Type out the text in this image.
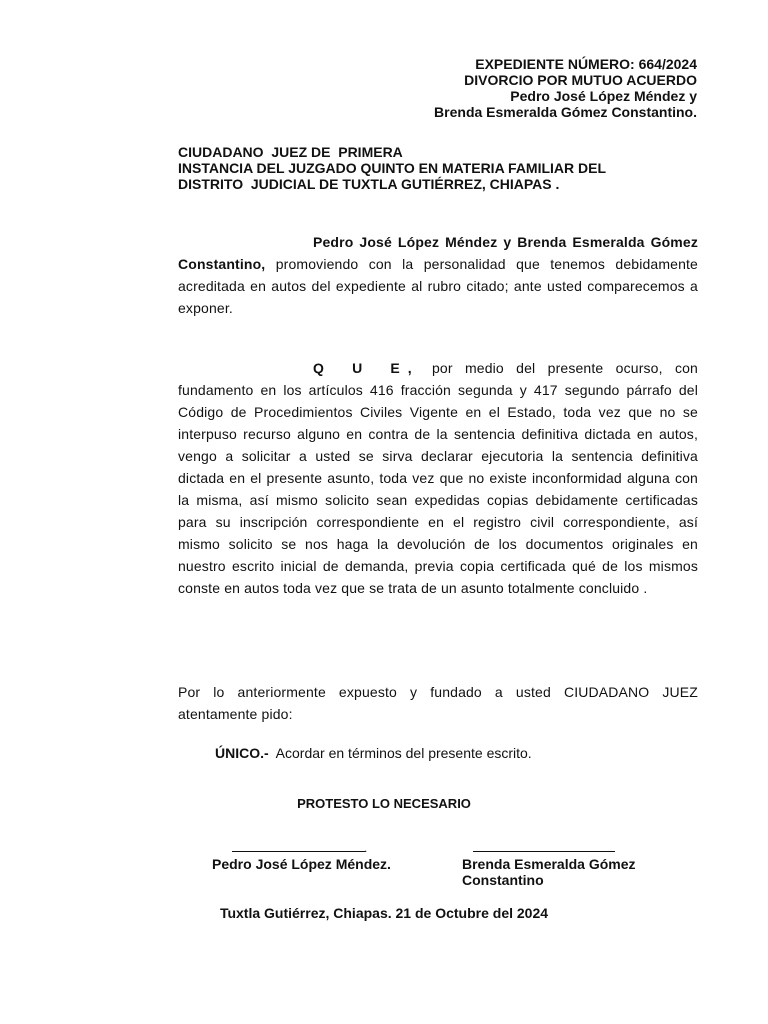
EXPEDIENTE NÚMERO: 664/2024
DIVORCIO POR MUTUO ACUERDO
Pedro José López Méndez y
Brenda Esmeralda Gómez Constantino.
CIUDADANO  JUEZ DE  PRIMERA
INSTANCIA DEL JUZGADO QUINTO EN MATERIA FAMILIAR DEL
DISTRITO  JUDICIAL DE TUXTLA GUTIÉRREZ, CHIAPAS .
Pedro José López Méndez y Brenda Esmeralda Gómez Constantino, promoviendo con la personalidad que tenemos debidamente acreditada en autos del expediente al rubro citado; ante usted comparecemos a exponer.
Q U E, por medio del presente ocurso, con fundamento en los artículos 416 fracción segunda y 417 segundo párrafo del Código de Procedimientos Civiles Vigente en el Estado, toda vez que no se interpuso recurso alguno en contra de la sentencia definitiva dictada en autos, vengo a solicitar a usted se sirva declarar ejecutoria la sentencia definitiva dictada en el presente asunto, toda vez que no existe inconformidad alguna con la misma, así mismo solicito sean expedidas copias debidamente certificadas para su inscripción correspondiente en el registro civil correspondiente, así mismo solicito se nos haga la devolución de los documentos originales en nuestro escrito inicial de demanda, previa copia certificada qué de los mismos conste en autos toda vez que se trata de un asunto totalmente concluido .
Por lo anteriormente expuesto y fundado a usted CIUDADANO JUEZ atentamente pido:
ÚNICO.-  Acordar en términos del presente escrito.
PROTESTO LO NECESARIO
.
Pedro José López Méndez.	Brenda Esmeralda Gómez
Constantino
Tuxtla Gutiérrez, Chiapas. 21 de Octubre del 2024
